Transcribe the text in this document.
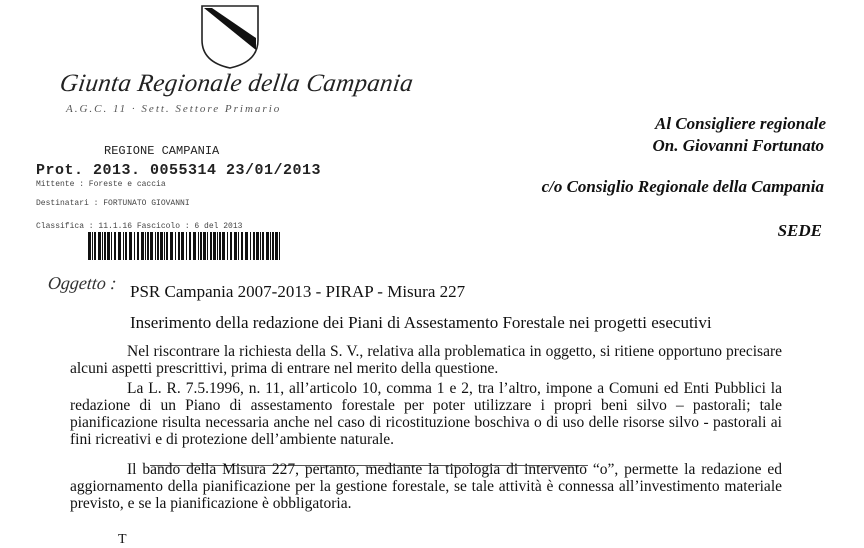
Giunta Regionale della Campania
A.G.C. 11 · Sett. Settore Primario
REGIONE CAMPANIA
Prot. 2013. 0055314 23/01/2013
Mittente : Foreste e caccia
Destinatari : FORTUNATO GIOVANNI
Classifica : 11.1.16 Fascicolo : 6 del 2013
Al Consigliere regionale
On. Giovanni Fortunato
c/o Consiglio Regionale della Campania
SEDE
Oggetto : PSR Campania 2007-2013 - PIRAP - Misura 227
Inserimento della redazione dei Piani di Assestamento Forestale nei progetti esecutivi
Nel riscontrare la richiesta della S. V., relativa alla problematica in oggetto, si ritiene opportuno precisare alcuni aspetti prescrittivi, prima di entrare nel merito della questione.
La L. R. 7.5.1996, n. 11, all’articolo 10, comma 1 e 2, tra l’altro, impone a Comuni ed Enti Pubblici la redazione di un Piano di assestamento forestale per poter utilizzare i propri beni silvo – pastorali; tale pianificazione risulta necessaria anche nel caso di ricostituzione boschiva o di uso delle risorse silvo - pastorali ai fini ricreativi e di protezione dell’ambiente naturale.
Il bando della Misura 227, pertanto, mediante la tipologia di intervento “o”, permette la redazione ed aggiornamento della pianificazione per la gestione forestale, se tale attività è connessa all’investimento materiale previsto, e se la pianificazione è obbligatoria.
T
